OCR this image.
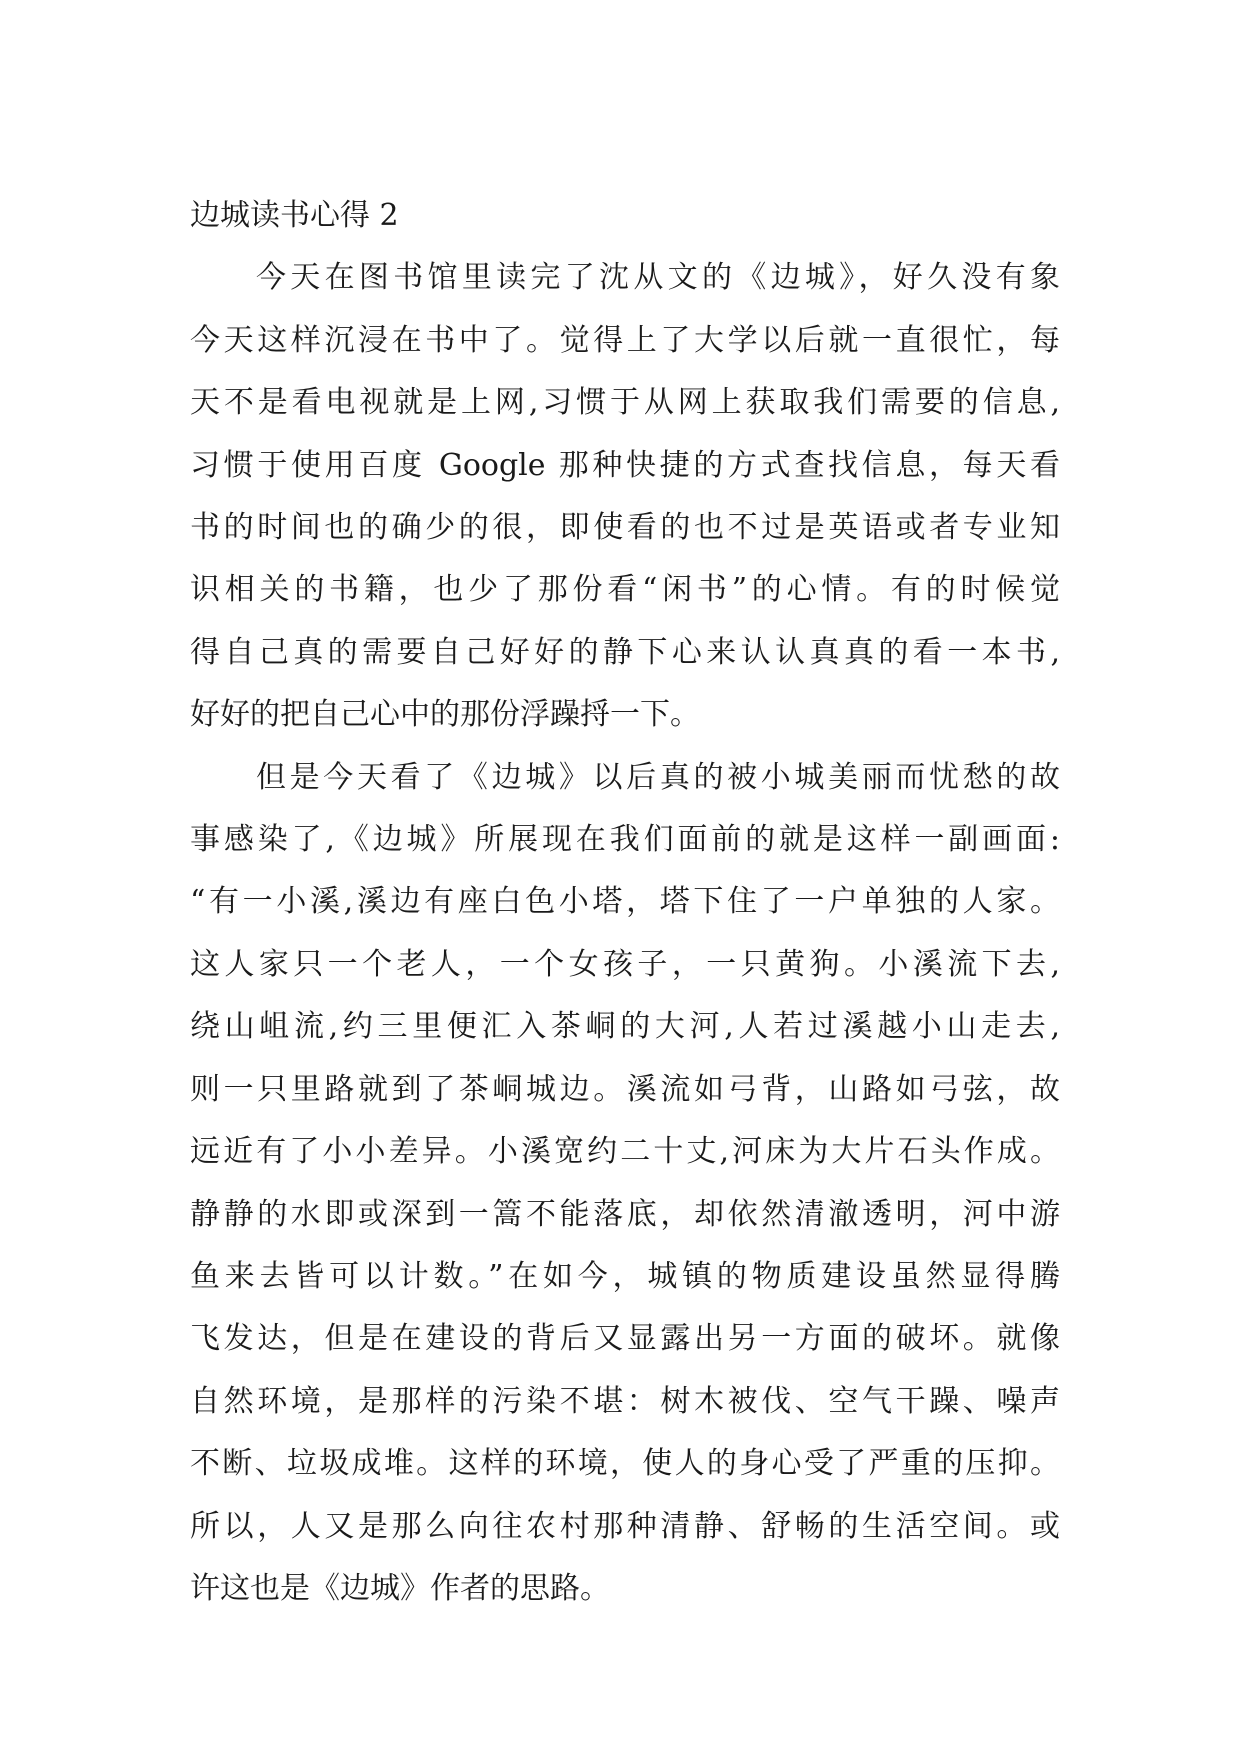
边城读书心得 2

今天在图书馆里读完了沈从文的《边城》，好久没有象
今天这样沉浸在书中了。觉得上了大学以后就一直很忙，每
天不是看电视就是上网,习惯于从网上获取我们需要的信息,
习惯于使用百度 Google 那种快捷的方式查找信息，每天看
书的时间也的确少的很，即使看的也不过是英语或者专业知
识相关的书籍，也少了那份看“闲书”的心情。有的时候觉
得自己真的需要自己好好的静下心来认认真真的看一本书,
好好的把自己心中的那份浮躁捋一下。

但是今天看了《边城》以后真的被小城美丽而忧愁的故
事感染了,《边城》所展现在我们面前的就是这样一副画面:
“有一小溪,溪边有座白色小塔，塔下住了一户单独的人家。
这人家只一个老人，一个女孩子，一只黄狗。小溪流下去,
绕山岨流,约三里便汇入茶峒的大河,人若过溪越小山走去,
则一只里路就到了茶峒城边。溪流如弓背，山路如弓弦，故
远近有了小小差异。小溪宽约二十丈,河床为大片石头作成。
静静的水即或深到一篙不能落底，却依然清澈透明，河中游
鱼来去皆可以计数。”在如今，城镇的物质建设虽然显得腾
飞发达，但是在建设的背后又显露出另一方面的破坏。就像
自然环境，是那样的污染不堪：树木被伐、空气干躁、噪声
不断、垃圾成堆。这样的环境，使人的身心受了严重的压抑。
所以，人又是那么向往农村那种清静、舒畅的生活空间。或
许这也是《边城》作者的思路。
